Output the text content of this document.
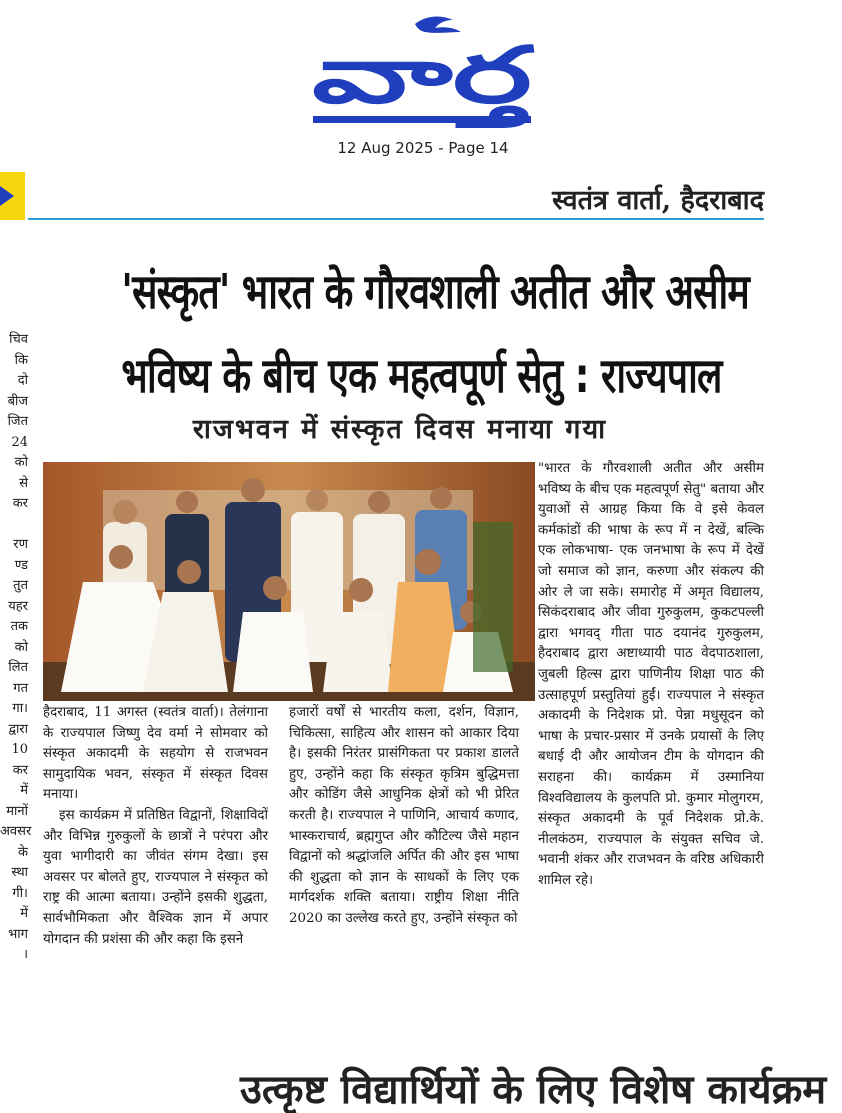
వార్త
12 Aug 2025 - Page 14
चिव
कि
दो
बीज
जित
24
को
से
कर

रण
ण्ड
तुत
यहर
तक
को
लित
गत
गा।
द्वारा
10
कर
में
मानों
अवसर
के
स्था
गी।
में
भाग
।
स्वतंत्र वार्ता, हैदराबाद
'संस्कृत' भारत के गौरवशाली अतीत और असीम
भविष्य के बीच एक महत्वपूर्ण सेतु : राज्यपाल
राजभवन में संस्कृत दिवस मनाया गया

हैदराबाद, 11 अगस्त (स्वतंत्र वार्ता)। तेलंगाना के राज्यपाल जिष्णु देव वर्मा ने सोमवार को संस्कृत अकादमी के सहयोग से राजभवन सामुदायिक भवन, संस्कृत में संस्कृत दिवस मनाया।

इस कार्यक्रम में प्रतिष्ठित विद्वानों, शिक्षाविदों और विभिन्न गुरुकुलों के छात्रों ने परंपरा और युवा भागीदारी का जीवंत संगम देखा। इस अवसर पर बोलते हुए, राज्यपाल ने संस्कृत को राष्ट्र की आत्मा बताया। उन्होंने इसकी शुद्धता, सार्वभौमिकता और वैश्विक ज्ञान में अपार योगदान की प्रशंसा की और कहा कि इसने

हजारों वर्षों से भारतीय कला, दर्शन, विज्ञान, चिकित्सा, साहित्य और शासन को आकार दिया है। इसकी निरंतर प्रासंगिकता पर प्रकाश डालते हुए, उन्होंने कहा कि संस्कृत कृत्रिम बुद्धिमत्ता और कोडिंग जैसे आधुनिक क्षेत्रों को भी प्रेरित करती है। राज्यपाल ने पाणिनि, आचार्य कणाद, भास्कराचार्य, ब्रह्मगुप्त और कौटिल्य जैसे महान विद्वानों को श्रद्धांजलि अर्पित की और इस भाषा की शुद्धता को ज्ञान के साधकों के लिए एक मार्गदर्शक शक्ति बताया। राष्ट्रीय शिक्षा नीति 2020 का उल्लेख करते हुए, उन्होंने संस्कृत को

"भारत के गौरवशाली अतीत और असीम भविष्य के बीच एक महत्वपूर्ण सेतु" बताया और युवाओं से आग्रह किया कि वे इसे केवल कर्मकांडों की भाषा के रूप में न देखें, बल्कि एक लोकभाषा- एक जनभाषा के रूप में देखें जो समाज को ज्ञान, करुणा और संकल्प की ओर ले जा सके। समारोह में अमृत विद्यालय, सिकंदराबाद और जीवा गुरुकुलम, कुकटपल्ली द्वारा भगवद् गीता पाठ दयानंद गुरुकुलम, हैदराबाद द्वारा अष्टाध्यायी पाठ वेदपाठशाला, जुबली हिल्स द्वारा पाणिनीय शिक्षा पाठ की उत्साहपूर्ण प्रस्तुतियां हुईं। राज्यपाल ने संस्कृत अकादमी के निदेशक प्रो. पेन्ना मधुसूदन को भाषा के प्रचार-प्रसार में उनके प्रयासों के लिए बधाई दी और आयोजन टीम के योगदान की सराहना की। कार्यक्रम में उस्मानिया विश्वविद्यालय के कुलपति प्रो. कुमार मोलुगरम, संस्कृत अकादमी के पूर्व निदेशक प्रो.के. नीलकंठम, राज्यपाल के संयुक्त सचिव जे. भवानी शंकर और राजभवन के वरिष्ठ अधिकारी शामिल रहे।

उत्कृष्ट विद्यार्थियों के लिए विशेष कार्यक्रम
